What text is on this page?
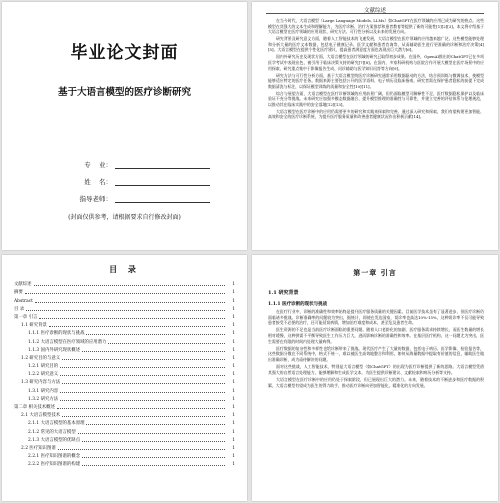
毕业论文封面
基于大语言模型的医疗诊断研究
专    业：
姓    名：
指导老师：
(封面仅供参考，请根据要求自行修改封面)
文献综述

在当今时代，大语言模型（Large Language Models, LLMs）如ChatGPT在医疗领域的应用已成为研究的热点。这些模型在其强大的文本生成和理解能力，为医疗诊断、治疗方案推荐和患者教育等提供了新的可能性[1][2][3]。本文将介绍基于大语言模型在医疗领域的应用现状、研究方法、可行性分析以及未来的发展方向。

研究背景及研究意义方面，随着人工智能技术的飞速发展，大语言模型在医疗领域的应用越来越广泛。这些模型能够处理和分析大量的医疗文本数据，包括电子健康记录、医学文献和患者咨询等，从而辅助医生进行更准确的诊断和治疗决策[4][5]。大语言模型在提供个性化医疗建议、提高患者满意度方面也表现出巨大潜力[6]。

国内外研究历史及现状方面，大语言模型在医疗领域的研究已取得初步成果。在国外，OpenAI推出的ChatGPT已在多项医学考试中表现出色，被引用于临床决策支持的研究[7][8]。在国内，多家科研机构与医院合作开展大模型在医疗场景中的应用探索，研究重点集中于影像报告生成、问诊辅助与医学知识问答等方向[9]。

研究方法与可行性分析方面，基于大语言模型的医疗诊断研究通常采用数据驱动的方法，结合预训练与微调技术，使模型能够适应特定的医疗任务。数据来源主要包括公开的医学语料、电子病历及临床指南，研究者需在保护患者隐私的前提下完成数据清洗与标注，以保证模型训练的质量和安全性[10][11]。

综合与展望方面，大语言模型在医疗诊断领域的应用前景广阔，但仍面临模型可解释性不足、医疗数据隐私保护以及临床验证不充分等挑战。未来研究应加强多模态数据融合、提升模型推理的准确性与可靠性，并建立完善的评估体系与伦理规范，以推动其在临床实践中的安全落地[12][13]。

大语言模型在医疗诊断中的应用仍需要更多的研究和实践来探索和完善。通过深入研究和探索，我们有望构建更加智能、高效和安全的医疗诊断系统，为提升医疗服务质量和改善患者健康状况作出积极贡献[14]。

目 录
文献综述	1
摘要	1
Abstract	1
目 录	1
第一章 引言	1
1.1 研究背景	1
1.1.1 医疗诊断的现状与挑战	1
1.1.2 大语言模型在医疗领域的应用潜力	1
1.1.3 国内外研究现状概述	1
1.2 研究目的与意义	1
1.2.1 研究目的	1
1.2.2 研究意义	1
1.3 研究内容与方法	1
1.3.1 研究内容	1
1.3.2 研究方法	1
第二章 相关技术概述	1
2.1 大语言模型技术	1
2.1.1 大语言模型的基本原理	1
2.1.2 常见的大语言模型	1
2.1.3 大语言模型的优缺点	1
2.2 医疗知识图谱	1
2.2.1 医疗知识图谱的概念	1
2.2.2 医疗知识图谱的构建	1
第一章 引言
1.1 研究背景
1.1.1 医疗诊断的现状与挑战

在医疗行业中，诊断的准确性和效率始终是提升医疗服务质量的关键因素。目前医学技术虽有了显著进步，但医疗诊断仍面临诸多挑战。诊断准确率的问题较为突出，据统计，即使在发达国家，误诊率也高达10%-15%，这种误诊率不仅可能导致患者接受不必要的治疗，还可能延误病情，增加治疗难度和成本，甚至危及患者生命。

医生资源的不足也是当前医疗诊断面临的重要问题。随着人口老龄化的加剧，医疗服务需求持续增长，而医生数量的增长相对缓慢，这种供需不平衡导致医生工作压力巨大，进而影响诊断的准确性和效率。在基层医疗机构，这一问题尤为突出，医生需要在有限的时间内处理大量病例。

医疗数据的复杂性和多样性也给诊断带来了挑战。现代医疗产生了大量的数据，包括电子病历、医学影像、检验报告等，这些数据分散在不同系统中，格式不统一，难以被医生高效地整合和利用。如何从海量数据中提取有价值的信息，辅助医生做出准确诊断，成为亟待解决的问题。

面对这些挑战，人工智能技术，特别是大语言模型（如ChatGPT）的出现为医疗诊断提供了新的思路。大语言模型凭借其强大的自然语言处理能力，能够理解和生成医学文本，为医生提供诊断建议、文献检索和病历分析等支持。

大语言模型在医疗诊断中的应用仍处于探索阶段，但已展现出巨大的潜力。未来，随着技术的不断进步和医疗数据的积累，大语言模型有望成为医生的得力助手，推动医疗诊断向更加智能化、精准化的方向发展。
